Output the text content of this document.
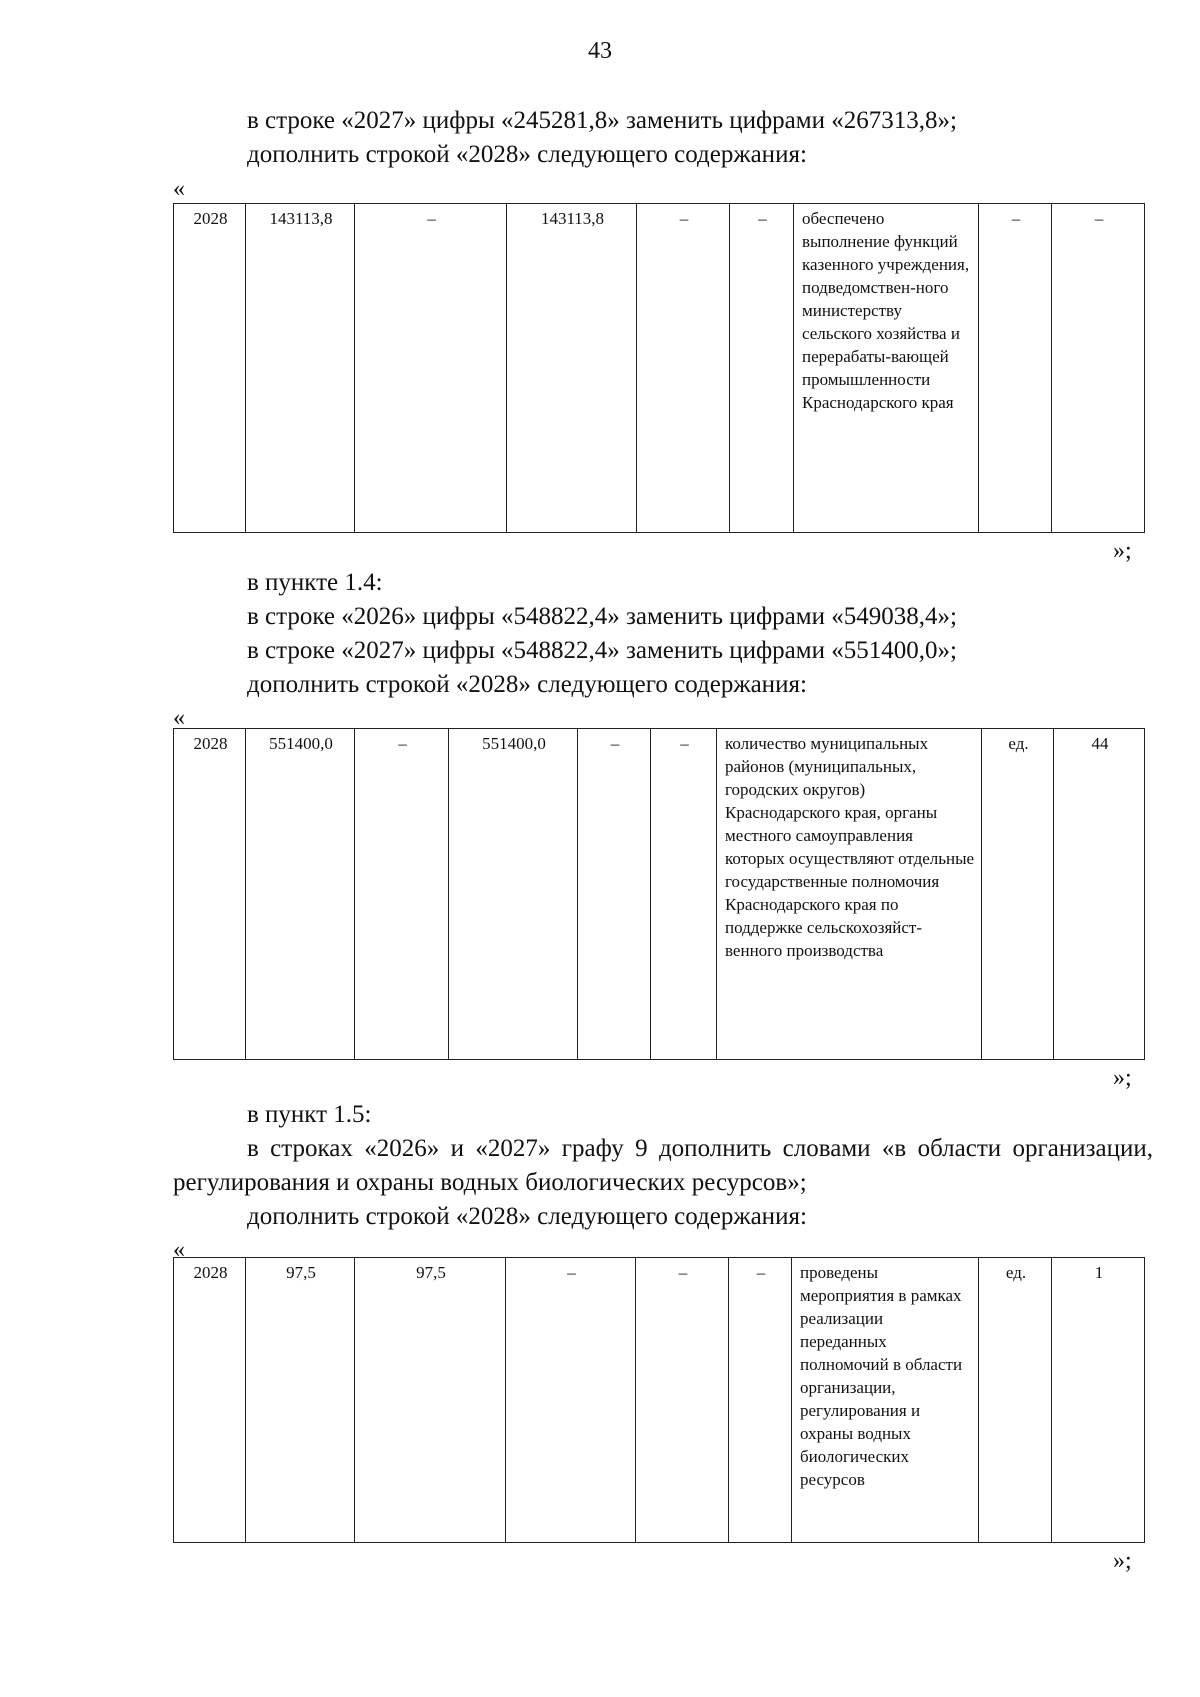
43
в строке «2027» цифры «245281,8» заменить цифрами «267313,8»;
дополнить строкой «2028» следующего содержания:
«
2028	143113,8	–	143113,8	–	–	обеспечено выполнение функций казенного учреждения, подведомствен-ного министерству сельского хозяйства и перерабаты-вающей промышленности Краснодарского края	–	–
»;
в пункте 1.4:
в строке «2026» цифры «548822,4» заменить цифрами «549038,4»;
в строке «2027» цифры «548822,4» заменить цифрами «551400,0»;
дополнить строкой «2028» следующего содержания:
«
2028	551400,0	–	551400,0	–	–	количество муниципальных районов (муниципальных, городских округов) Краснодарского края, органы местного самоуправления которых осуществляют отдельные государственные полномочия Краснодарского края по поддержке сельскохозяйст-венного производства	ед.	44
»;
в пункт 1.5:
в строках «2026» и «2027» графу 9 дополнить словами «в области организации, регулирования и охраны водных биологических ресурсов»;
дополнить строкой «2028» следующего содержания:
«
2028	97,5	97,5	–	–	–	проведены мероприятия в рамках реализации переданных полномочий в области организации, регулирования и охраны водных биологических ресурсов	ед.	1
»;
